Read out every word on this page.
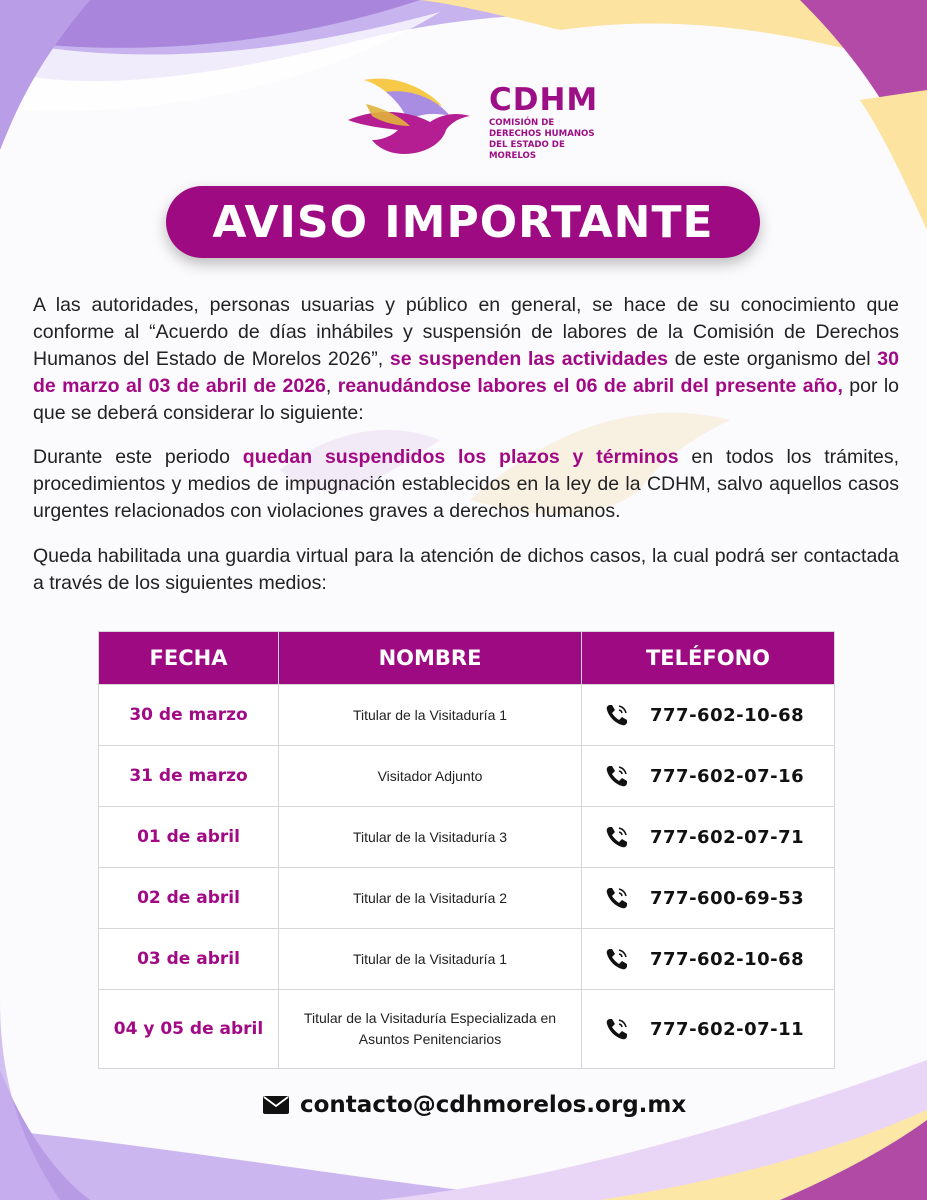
CDHM
COMISIÓN DE DERECHOS HUMANOS DEL ESTADO DE MORELOS
AVISO IMPORTANTE
A las autoridades, personas usuarias y público en general, se hace de su conocimiento que conforme al “Acuerdo de días inhábiles y suspensión de labores de la Comisión de Derechos Humanos del Estado de Morelos 2026”, se suspenden las actividades de este organismo del 30 de marzo al 03 de abril de 2026, reanudándose labores el 06 de abril del presente año, por lo que se deberá considerar lo siguiente:
Durante este periodo quedan suspendidos los plazos y términos en todos los trámites, procedimientos y medios de impugnación establecidos en la ley de la CDHM, salvo aquellos casos urgentes relacionados con violaciones graves a derechos humanos.
Queda habilitada una guardia virtual para la atención de dichos casos, la cual podrá ser contactada a través de los siguientes medios:
FECHA	NOMBRE	TELÉFONO
30 de marzo	Titular de la Visitaduría 1	777-602-10-68

31 de marzo	Visitador Adjunto	777-602-07-16

01 de abril	Titular de la Visitaduría 3	777-602-07-71

02 de abril	Titular de la Visitaduría 2	777-600-69-53

03 de abril	Titular de la Visitaduría 1	777-602-10-68

04 y 05 de abril	Titular de la Visitaduría Especializada en Asuntos Penitenciarios	777-602-07-11
contacto@cdhmorelos.org.mx
